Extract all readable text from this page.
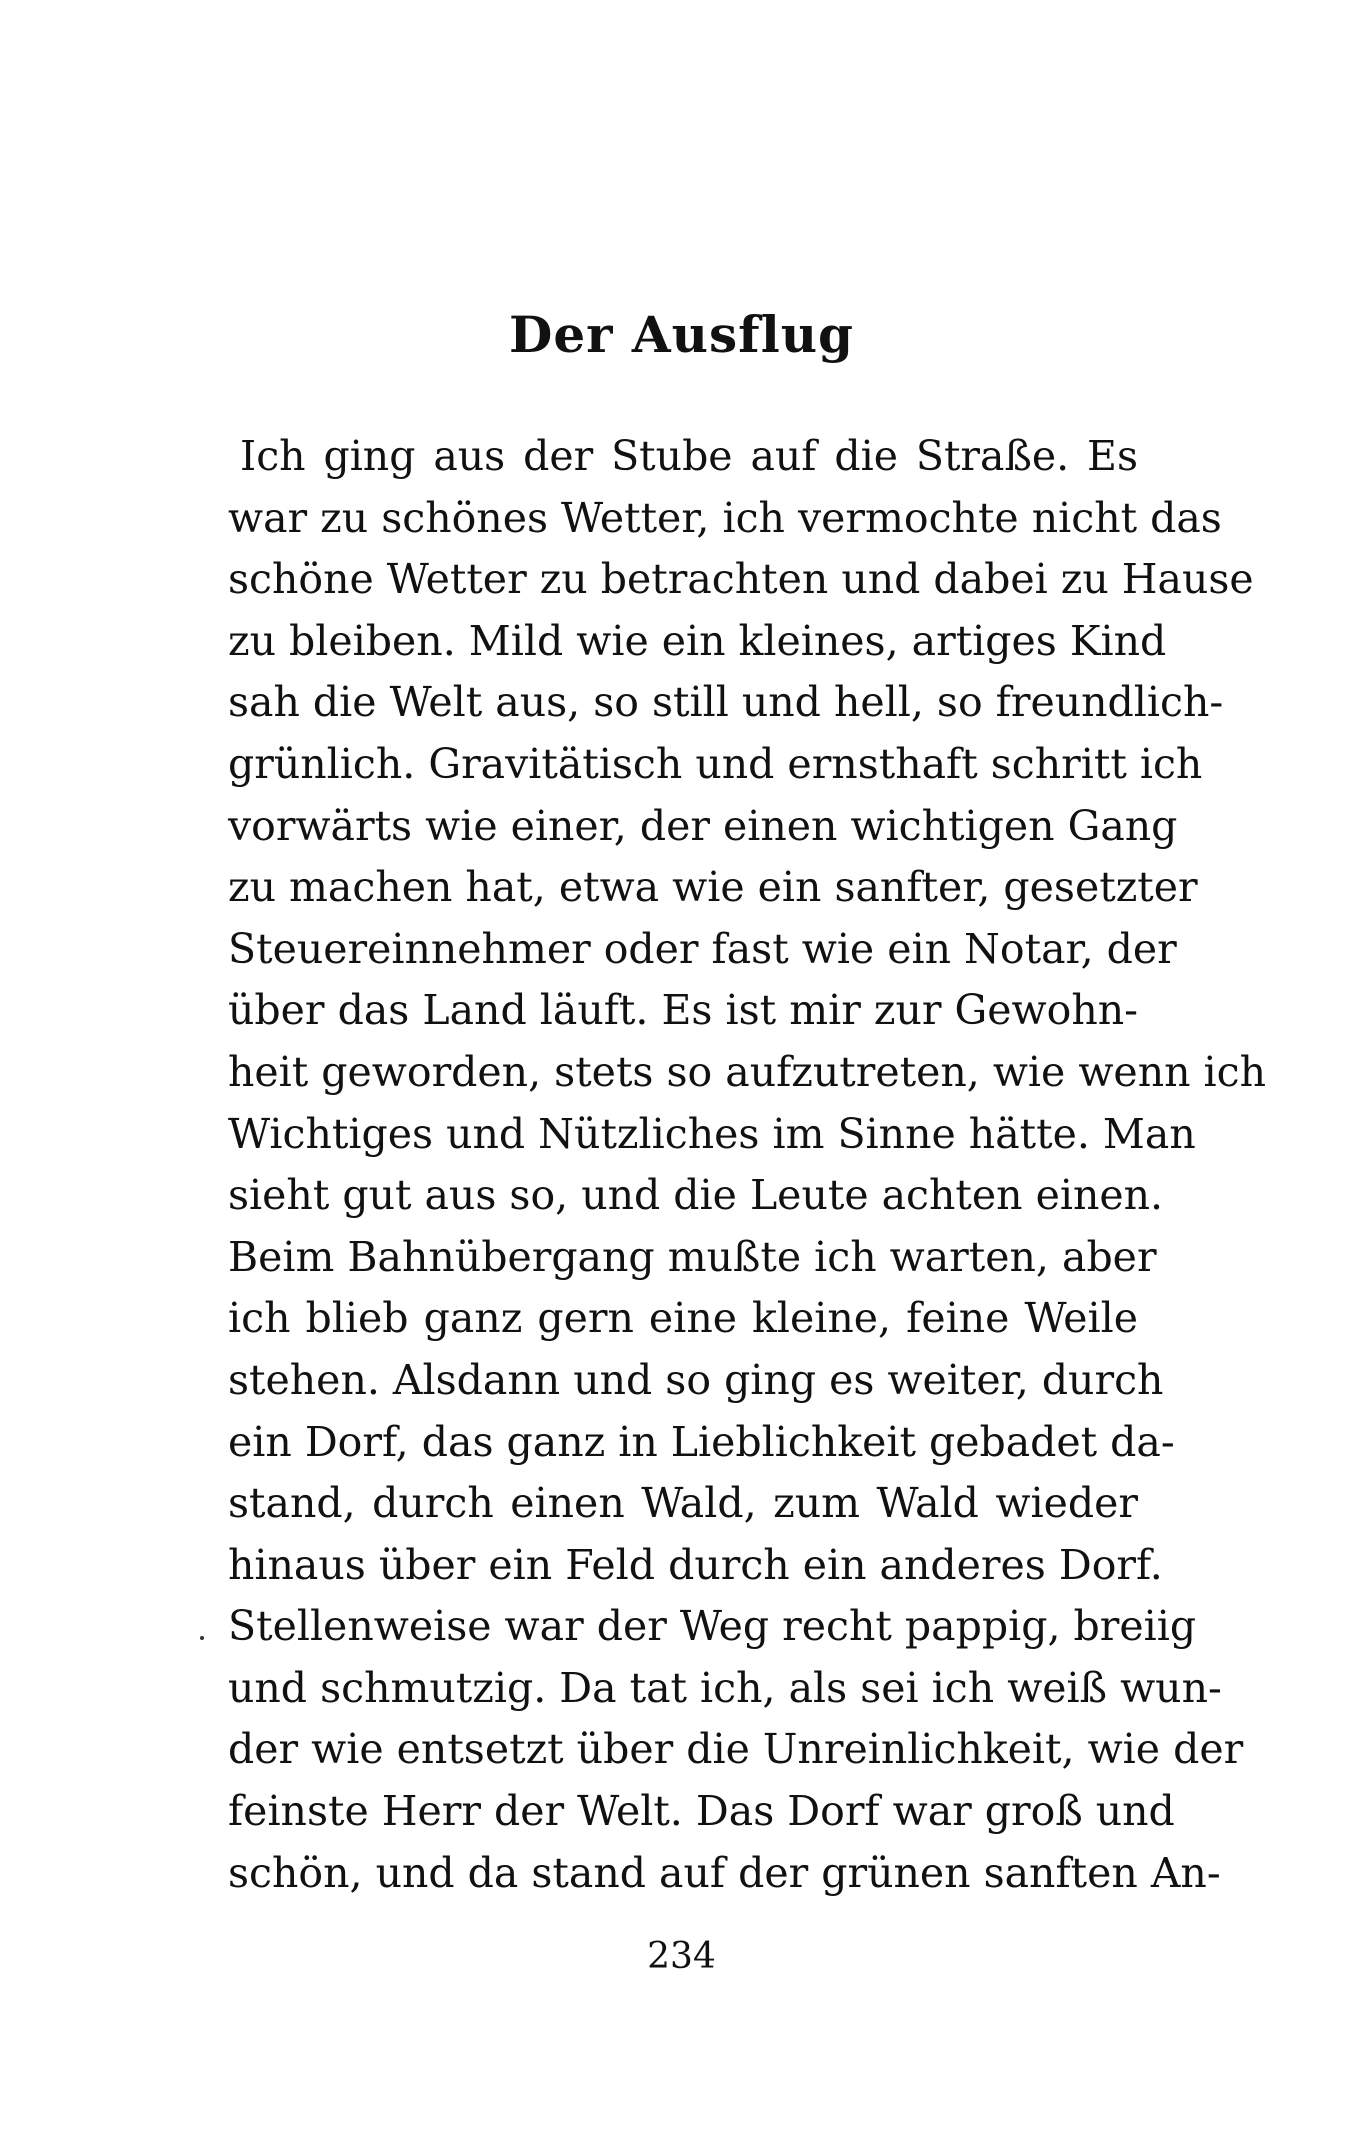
Der Ausflug
Ich ging aus der Stube auf die Straße. Es
war zu schönes Wetter, ich vermochte nicht das
schöne Wetter zu betrachten und dabei zu Hause
zu bleiben. Mild wie ein kleines, artiges Kind
sah die Welt aus, so still und hell, so freundlich-
grünlich. Gravitätisch und ernsthaft schritt ich
vorwärts wie einer, der einen wichtigen Gang
zu machen hat, etwa wie ein sanfter, gesetzter
Steuereinnehmer oder fast wie ein Notar, der
über das Land läuft. Es ist mir zur Gewohn-
heit geworden, stets so aufzutreten, wie wenn ich
Wichtiges und Nützliches im Sinne hätte. Man
sieht gut aus so, und die Leute achten einen.
Beim Bahnübergang mußte ich warten, aber
ich blieb ganz gern eine kleine, feine Weile
stehen. Alsdann und so ging es weiter, durch
ein Dorf, das ganz in Lieblichkeit gebadet da-
stand, durch einen Wald, zum Wald wieder
hinaus über ein Feld durch ein anderes Dorf.
Stellenweise war der Weg recht pappig, breiig
und schmutzig. Da tat ich, als sei ich weiß wun-
der wie entsetzt über die Unreinlichkeit, wie der
feinste Herr der Welt. Das Dorf war groß und
schön, und da stand auf der grünen sanften An-
234
